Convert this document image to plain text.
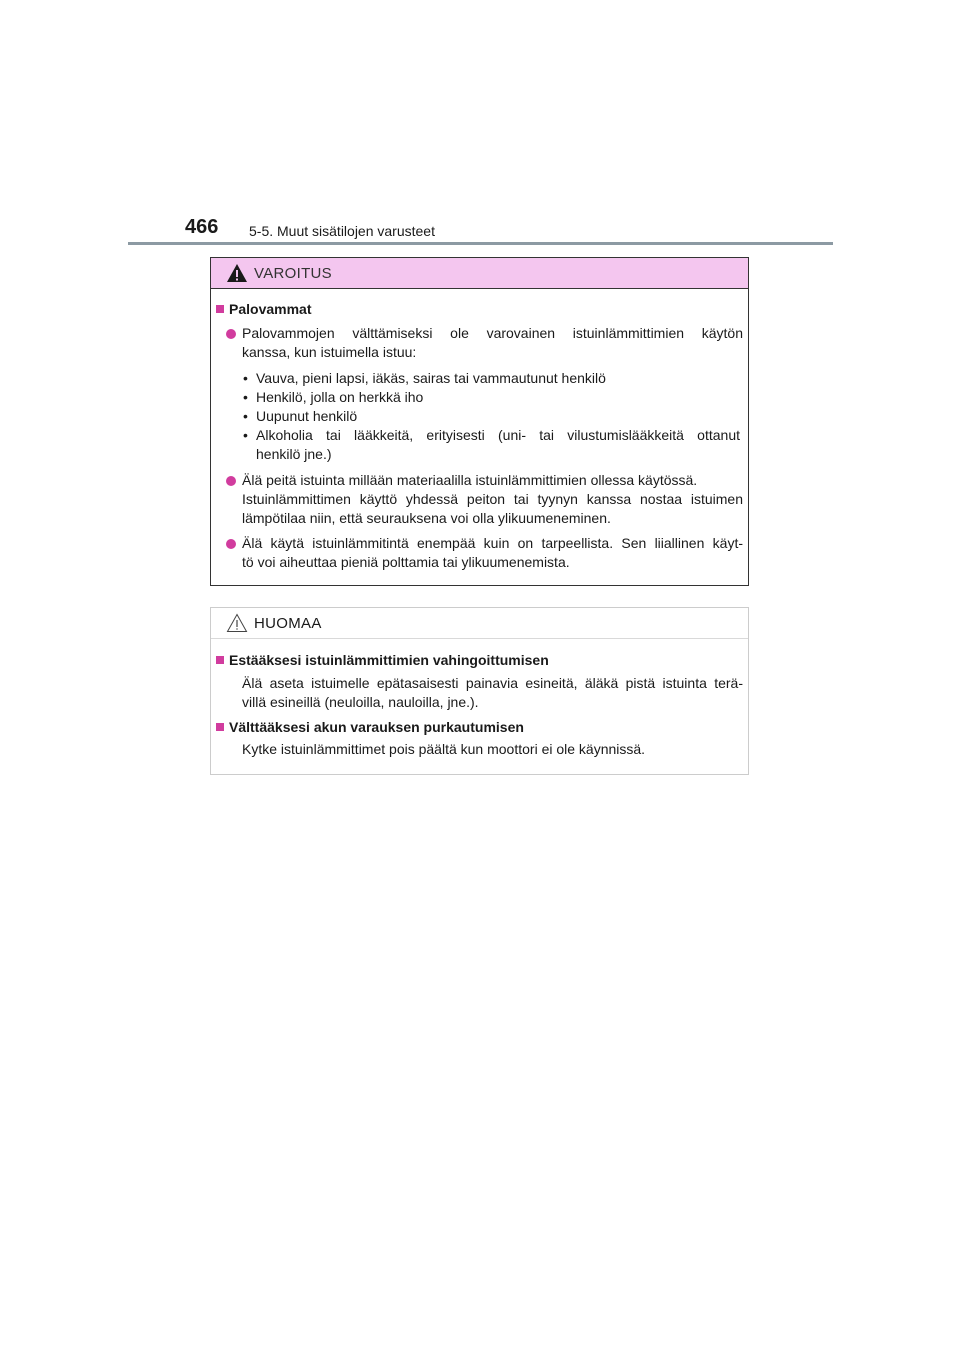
466 5-5. Muut sisätilojen varusteet
VAROITUS
Palovammat
Palovammojen välttämiseksi ole varovainen istuinlämmittimien käytön
kanssa, kun istuimella istuu:
• Vauva, pieni lapsi, iäkäs, sairas tai vammautunut henkilö
• Henkilö, jolla on herkkä iho
• Uupunut henkilö
• Alkoholia tai lääkkeitä, erityisesti (uni- tai vilustumislääkkeitä ottanut
henkilö jne.)
Älä peitä istuinta millään materiaalilla istuinlämmittimien ollessa käytössä.
Istuinlämmittimen käyttö yhdessä peiton tai tyynyn kanssa nostaa istuimen
lämpötilaa niin, että seurauksena voi olla ylikuumeneminen.
Älä käytä istuinlämmitintä enempää kuin on tarpeellista. Sen liiallinen käyt-
tö voi aiheuttaa pieniä polttamia tai ylikuumenemista.
HUOMAA
Estääksesi istuinlämmittimien vahingoittumisen
Älä aseta istuimelle epätasaisesti painavia esineitä, äläkä pistä istuinta terä-
villä esineillä (neuloilla, nauloilla, jne.).
Välttääksesi akun varauksen purkautumisen
Kytke istuinlämmittimet pois päältä kun moottori ei ole käynnissä.
